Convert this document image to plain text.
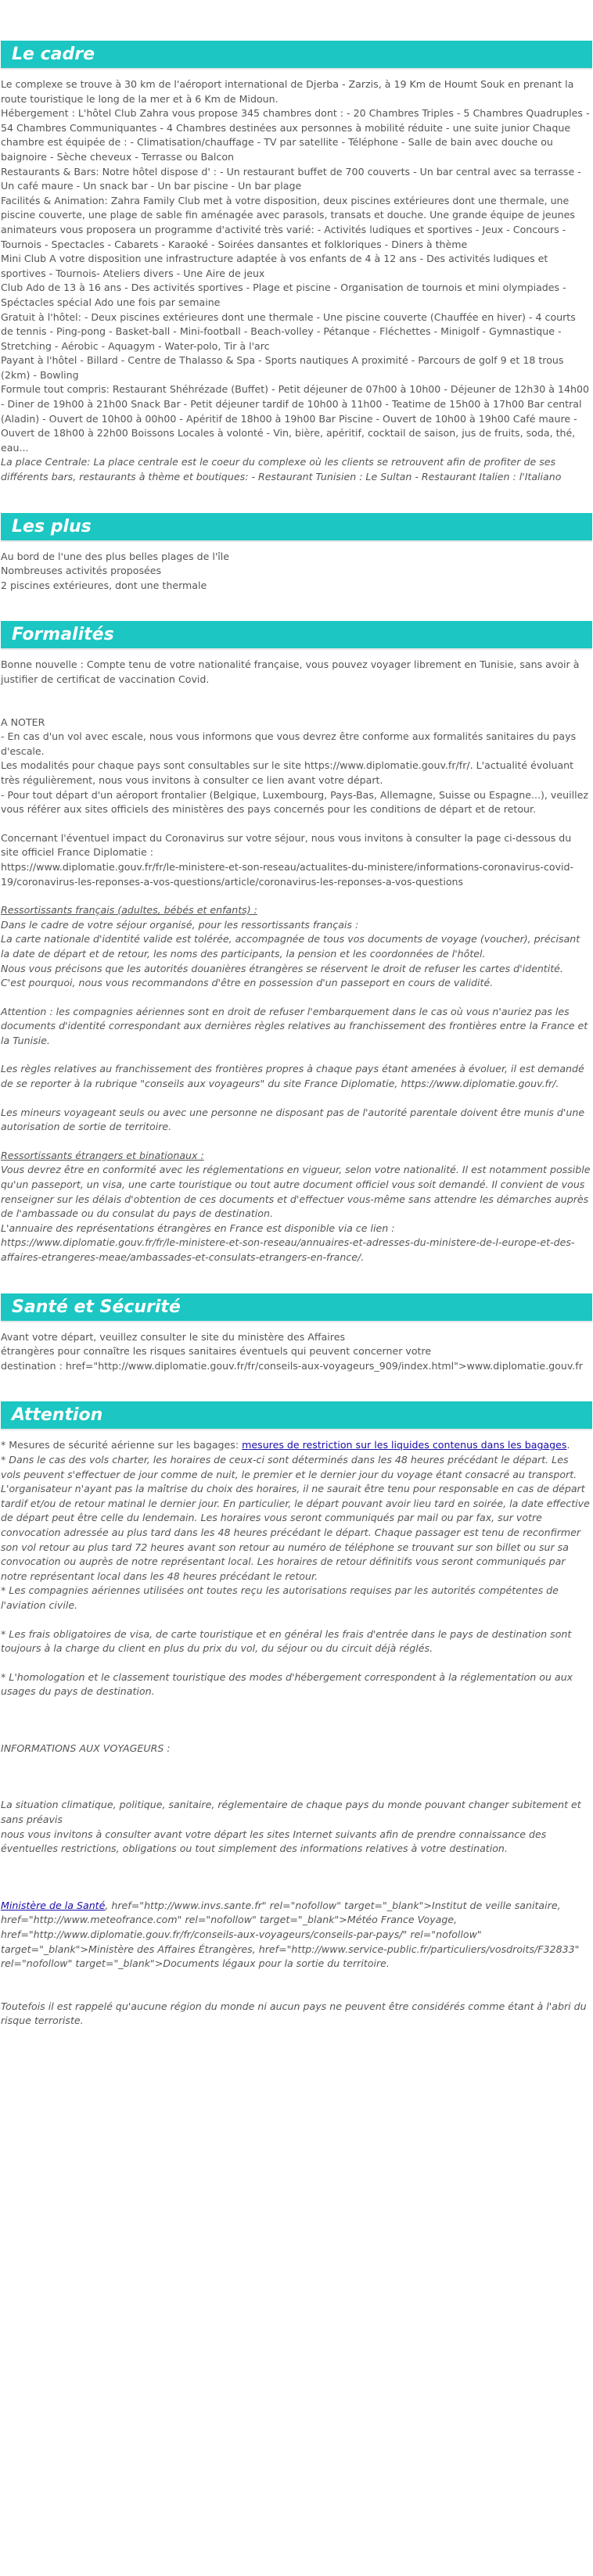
Le cadre
Le complexe se trouve à 30 km de l'aéroport international de Djerba - Zarzis, à 19 Km de Houmt Souk en prenant la route touristique le long de la mer et à 6 Km de Midoun.
Hébergement : L'hôtel Club Zahra vous propose 345 chambres dont : - 20 Chambres Triples - 5 Chambres Quadruples - 54 Chambres Communiquantes - 4 Chambres destinées aux personnes à mobilité réduite - une suite junior Chaque chambre est équipée de : - Climatisation/chauffage - TV par satellite - Téléphone - Salle de bain avec douche ou baignoire - Sèche cheveux - Terrasse ou Balcon
Restaurants & Bars: Notre hôtel dispose d' : - Un restaurant buffet de 700 couverts - Un bar central avec sa terrasse - Un café maure - Un snack bar - Un bar piscine - Un bar plage
Facilités & Animation: Zahra Family Club met à votre disposition, deux piscines extérieures dont une thermale, une piscine couverte, une plage de sable fin aménagée avec parasols, transats et douche. Une grande équipe de jeunes animateurs vous proposera un programme d'activité très varié: - Activités ludiques et sportives - Jeux - Concours - Tournois - Spectacles - Cabarets - Karaoké - Soirées dansantes et folkloriques - Diners à thème
Mini Club A votre disposition une infrastructure adaptée à vos enfants de 4 à 12 ans - Des activités ludiques et sportives - Tournois- Ateliers divers - Une Aire de jeux
Club Ado de 13 à 16 ans - Des activités sportives - Plage et piscine - Organisation de tournois et mini olympiades - Spéctacles spécial Ado une fois par semaine
Gratuit à l'hôtel: - Deux piscines extérieures dont une thermale - Une piscine couverte (Chauffée en hiver) - 4 courts de tennis - Ping-pong - Basket-ball - Mini-football - Beach-volley - Pétanque - Fléchettes - Minigolf - Gymnastique - Stretching - Aérobic - Aquagym - Water-polo, Tir à l'arc
Payant à l'hôtel - Billard - Centre de Thalasso & Spa - Sports nautiques A proximité - Parcours de golf 9 et 18 trous (2km) - Bowling
Formule tout compris: Restaurant Shéhrézade (Buffet) - Petit déjeuner de 07h00 à 10h00 - Déjeuner de 12h30 à 14h00 - Diner de 19h00 à 21h00 Snack Bar - Petit déjeuner tardif de 10h00 à 11h00 - Teatime de 15h00 à 17h00 Bar central (Aladin) - Ouvert de 10h00 à 00h00 - Apéritif de 18h00 à 19h00 Bar Piscine - Ouvert de 10h00 à 19h00 Café maure - Ouvert de 18h00 à 22h00 Boissons Locales à volonté - Vin, bière, apéritif, cocktail de saison, jus de fruits, soda, thé, eau...
La place Centrale: La place centrale est le coeur du complexe où les clients se retrouvent afin de profiter de ses différents bars, restaurants à thème et boutiques: - Restaurant Tunisien : Le Sultan - Restaurant Italien : l'Italiano
Les plus
Au bord de l'une des plus belles plages de l'île
Nombreuses activités proposées
2 piscines extérieures, dont une thermale
Formalités
Bonne nouvelle : Compte tenu de votre nationalité française, vous pouvez voyager librement en Tunisie, sans avoir à justifier de certificat de vaccination Covid.
A NOTER
- En cas d'un vol avec escale, nous vous informons que vous devrez être conforme aux formalités sanitaires du pays d'escale.
Les modalités pour chaque pays sont consultables sur le site https://www.diplomatie.gouv.fr/fr/. L'actualité évoluant très régulièrement, nous vous invitons à consulter ce lien avant votre départ.
- Pour tout départ d'un aéroport frontalier (Belgique, Luxembourg, Pays-Bas, Allemagne, Suisse ou Espagne...), veuillez vous référer aux sites officiels des ministères des pays concernés pour les conditions de départ et de retour.
Concernant l'éventuel impact du Coronavirus sur votre séjour, nous vous invitons à consulter la page ci-dessous du site officiel France Diplomatie :
https://www.diplomatie.gouv.fr/fr/le-ministere-et-son-reseau/actualites-du-ministere/informations-coronavirus-covid-19/coronavirus-les-reponses-a-vos-questions/article/coronavirus-les-reponses-a-vos-questions
Ressortissants français (adultes, bébés et enfants) :
Dans le cadre de votre séjour organisé, pour les ressortissants français :
La carte nationale d'identité valide est tolérée, accompagnée de tous vos documents de voyage (voucher), précisant la date de départ et de retour, les noms des participants, la pension et les coordonnées de l'hôtel.
Nous vous précisons que les autorités douanières étrangères se réservent le droit de refuser les cartes d'identité. C'est pourquoi, nous vous recommandons d'être en possession d'un passeport en cours de validité.
Attention : les compagnies aériennes sont en droit de refuser l'embarquement dans le cas où vous n'auriez pas les documents d'identité correspondant aux dernières règles relatives au franchissement des frontières entre la France et la Tunisie.
Les règles relatives au franchissement des frontières propres à chaque pays étant amenées à évoluer, il est demandé de se reporter à la rubrique "conseils aux voyageurs" du site France Diplomatie, https://www.diplomatie.gouv.fr/.
Les mineurs voyageant seuls ou avec une personne ne disposant pas de l'autorité parentale doivent être munis d'une autorisation de sortie de territoire.
Ressortissants étrangers et binationaux :
Vous devrez être en conformité avec les réglementations en vigueur, selon votre nationalité. Il est notamment possible qu'un passeport, un visa, une carte touristique ou tout autre document officiel vous soit demandé. Il convient de vous renseigner sur les délais d'obtention de ces documents et d'effectuer vous-même sans attendre les démarches auprès de l'ambassade ou du consulat du pays de destination.
L'annuaire des représentations étrangères en France est disponible via ce lien :
https://www.diplomatie.gouv.fr/fr/le-ministere-et-son-reseau/annuaires-et-adresses-du-ministere-de-l-europe-et-des-affaires-etrangeres-meae/ambassades-et-consulats-etrangers-en-france/.
Santé et Sécurité
Avant votre départ, veuillez consulter le site du ministère des Affaires
étrangères pour connaître les risques sanitaires éventuels qui peuvent concerner votre
destination : href="http://www.diplomatie.gouv.fr/fr/conseils-aux-voyageurs_909/index.html">www.diplomatie.gouv.fr
Attention
* Mesures de sécurité aérienne sur les bagages: mesures de restriction sur les liquides contenus dans les bagages.
* Dans le cas des vols charter, les horaires de ceux-ci sont déterminés dans les 48 heures précédant le départ. Les vols peuvent s'effectuer de jour comme de nuit, le premier et le dernier jour du voyage étant consacré au transport. L'organisateur n'ayant pas la maîtrise du choix des horaires, il ne saurait être tenu pour responsable en cas de départ tardif et/ou de retour matinal le dernier jour. En particulier, le départ pouvant avoir lieu tard en soirée, la date effective de départ peut être celle du lendemain. Les horaires vous seront communiqués par mail ou par fax, sur votre convocation adressée au plus tard dans les 48 heures précédant le départ. Chaque passager est tenu de reconfirmer son vol retour au plus tard 72 heures avant son retour au numéro de téléphone se trouvant sur son billet ou sur sa convocation ou auprès de notre représentant local. Les horaires de retour définitifs vous seront communiqués par notre représentant local dans les 48 heures précédant le retour.
* Les compagnies aériennes utilisées ont toutes reçu les autorisations requises par les autorités compétentes de l'aviation civile.
* Les frais obligatoires de visa, de carte touristique et en général les frais d'entrée dans le pays de destination sont toujours à la charge du client en plus du prix du vol, du séjour ou du circuit déjà réglés.
* L'homologation et le classement touristique des modes d'hébergement correspondent à la réglementation ou aux usages du pays de destination.
INFORMATIONS AUX VOYAGEURS :
La situation climatique, politique, sanitaire, réglementaire de chaque pays du monde pouvant changer subitement et sans préavis
nous vous invitons à consulter avant votre départ les sites Internet suivants afin de prendre connaissance des éventuelles restrictions, obligations ou tout simplement des informations relatives à votre destination.
Ministère de la Santé, href="http://www.invs.sante.fr" rel="nofollow" target="_blank">Institut de veille sanitaire, href="http://www.meteofrance.com" rel="nofollow" target="_blank">Météo France Voyage, href="http://www.diplomatie.gouv.fr/fr/conseils-aux-voyageurs/conseils-par-pays/" rel="nofollow" target="_blank">Ministère des Affaires Étrangères, href="http://www.service-public.fr/particuliers/vosdroits/F32833" rel="nofollow" target="_blank">Documents légaux pour la sortie du territoire.
Toutefois il est rappelé qu'aucune région du monde ni aucun pays ne peuvent être considérés comme étant à l'abri du risque terroriste.
